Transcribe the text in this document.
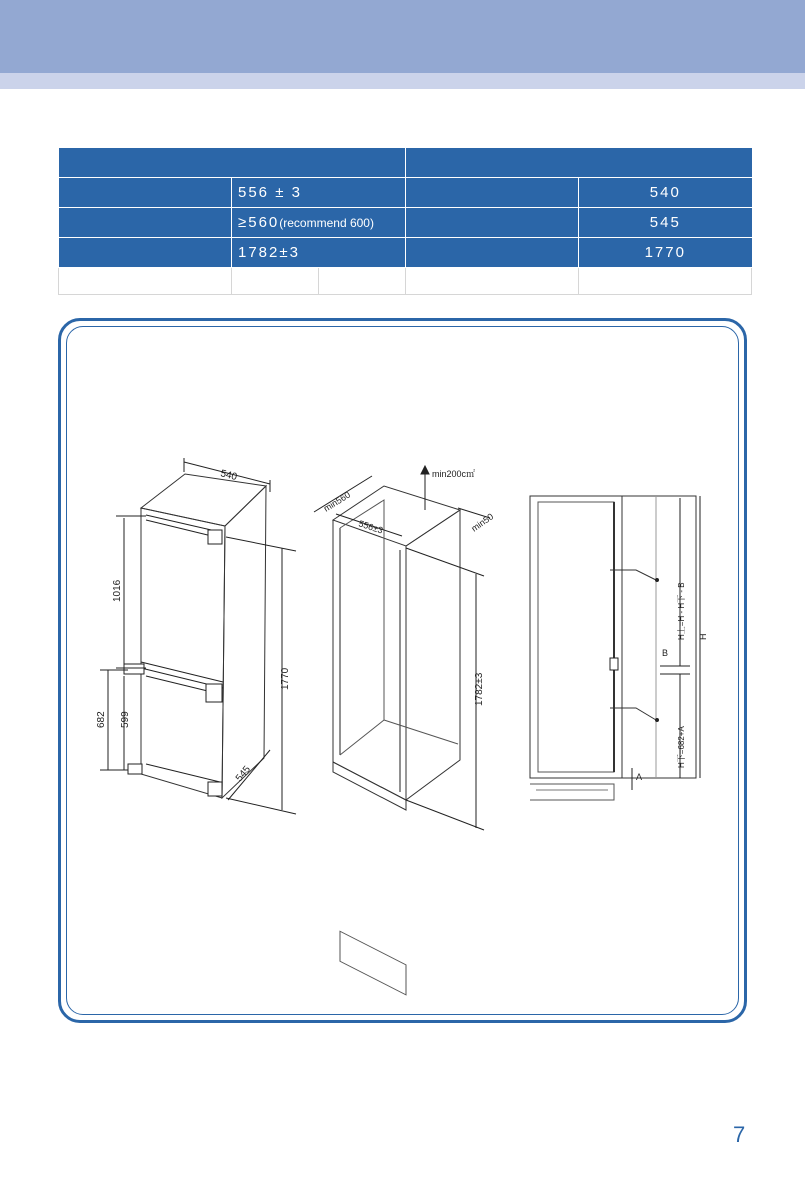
	556 ± 3			540
	≥560(recommend 600)			545
	1782±3			1770

540
1770
545
1016
682 599
min200c㎡
min560
556±3	min50
1782±3
H上=H - H下 - B
H下=682+A
H
B
A
7
